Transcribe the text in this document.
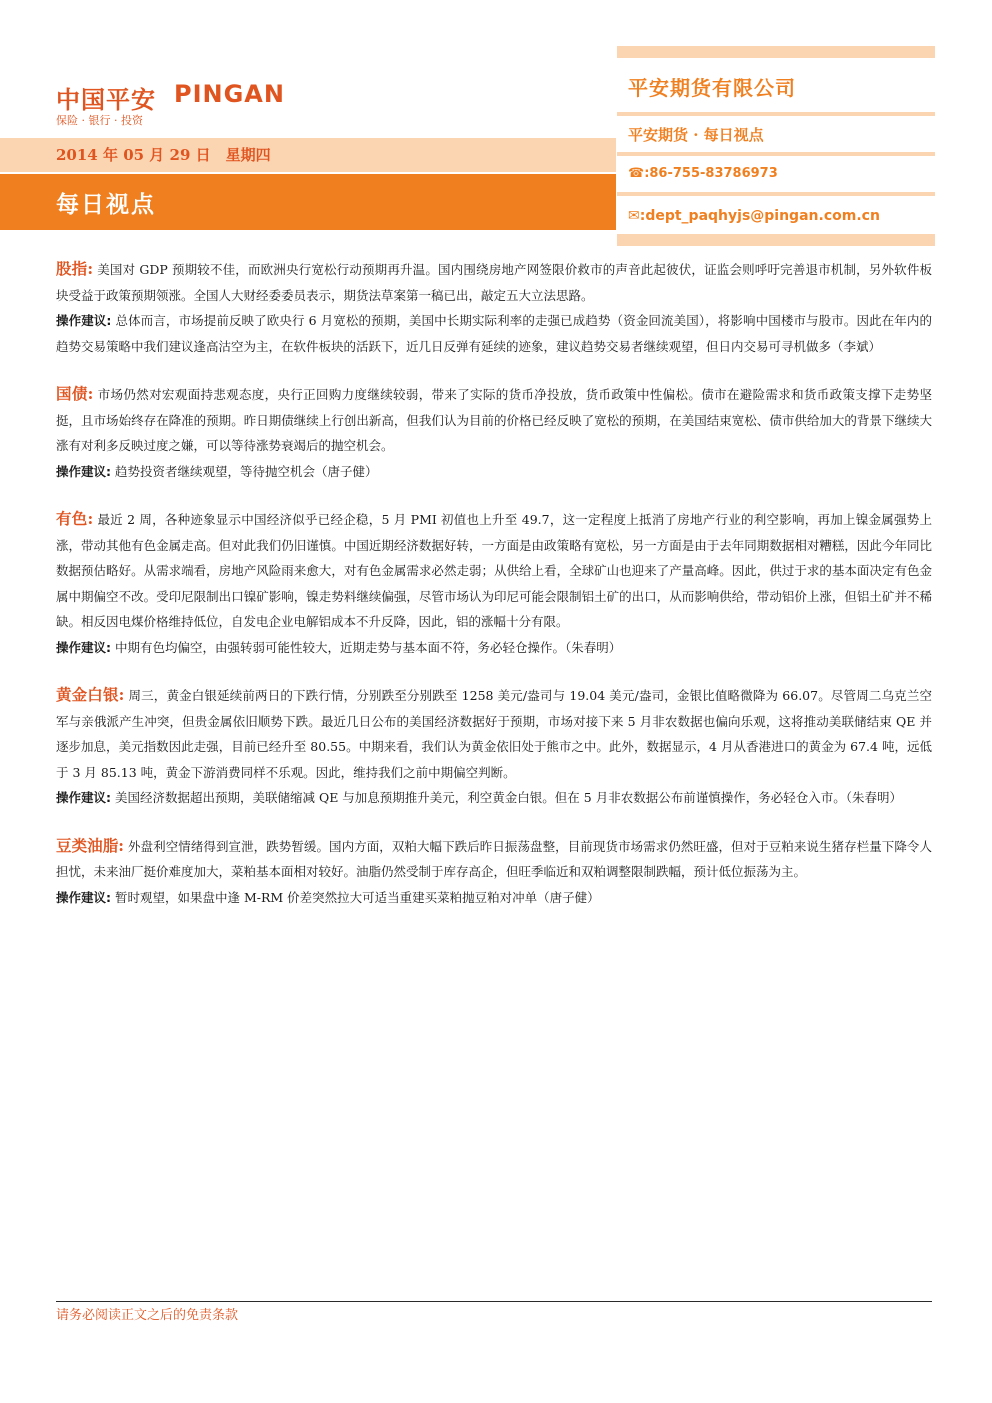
中国平安 PINGAN
保险 · 银行 · 投资
2014 年 05 月 29 日　星期四
每日视点
平安期货有限公司
平安期货 · 每日视点
☎:86-755-83786973
✉:dept_paqhyjs@pingan.com.cn

股指: 美国对 GDP 预期较不佳，而欧洲央行宽松行动预期再升温。国内围绕房地产网签限价救市的声音此起彼伏，证监会则呼吁完善退市机制，另外软件板块受益于政策预期领涨。全国人大财经委委员表示，期货法草案第一稿已出，敲定五大立法思路。

操作建议: 总体而言，市场提前反映了欧央行 6 月宽松的预期，美国中长期实际利率的走强已成趋势（资金回流美国），将影响中国楼市与股市。因此在年内的趋势交易策略中我们建议逢高沽空为主，在软件板块的活跃下，近几日反弹有延续的迹象，建议趋势交易者继续观望，但日内交易可寻机做多（李斌）

国债: 市场仍然对宏观面持悲观态度，央行正回购力度继续较弱，带来了实际的货币净投放，货币政策中性偏松。债市在避险需求和货币政策支撑下走势坚挺，且市场始终存在降准的预期。昨日期债继续上行创出新高，但我们认为目前的价格已经反映了宽松的预期，在美国结束宽松、债市供给加大的背景下继续大涨有对利多反映过度之嫌，可以等待涨势衰竭后的抛空机会。

操作建议: 趋势投资者继续观望，等待抛空机会（唐子健）

有色: 最近 2 周，各种迹象显示中国经济似乎已经企稳，5 月 PMI 初值也上升至 49.7，这一定程度上抵消了房地产行业的利空影响，再加上镍金属强势上涨，带动其他有色金属走高。但对此我们仍旧谨慎。中国近期经济数据好转，一方面是由政策略有宽松，另一方面是由于去年同期数据相对糟糕，因此今年同比数据预估略好。从需求端看，房地产风险雨来愈大，对有色金属需求必然走弱；从供给上看，全球矿山也迎来了产量高峰。因此，供过于求的基本面决定有色金属中期偏空不改。受印尼限制出口镍矿影响，镍走势料继续偏强，尽管市场认为印尼可能会限制铝土矿的出口，从而影响供给，带动铝价上涨，但铝土矿并不稀缺。相反因电煤价格维持低位，自发电企业电解铝成本不升反降，因此，铝的涨幅十分有限。

操作建议: 中期有色均偏空，由强转弱可能性较大，近期走势与基本面不符，务必轻仓操作。（朱春明）

黄金白银: 周三，黄金白银延续前两日的下跌行情，分别跌至分别跌至 1258 美元/盎司与 19.04 美元/盎司，金银比值略微降为 66.07。尽管周二乌克兰空军与亲俄派产生冲突，但贵金属依旧顺势下跌。最近几日公布的美国经济数据好于预期，市场对接下来 5 月非农数据也偏向乐观，这将推动美联储结束 QE 并逐步加息，美元指数因此走强，目前已经升至 80.55。中期来看，我们认为黄金依旧处于熊市之中。此外，数据显示，4 月从香港进口的黄金为 67.4 吨，远低于 3 月 85.13 吨，黄金下游消费同样不乐观。因此，维持我们之前中期偏空判断。

操作建议: 美国经济数据超出预期，美联储缩减 QE 与加息预期推升美元，利空黄金白银。但在 5 月非农数据公布前谨慎操作，务必轻仓入市。（朱春明）

豆类油脂: 外盘利空情绪得到宣泄，跌势暂缓。国内方面，双粕大幅下跌后昨日振荡盘整，目前现货市场需求仍然旺盛，但对于豆粕来说生猪存栏量下降令人担忧，未来油厂挺价难度加大，菜粕基本面相对较好。油脂仍然受制于库存高企，但旺季临近和双粕调整限制跌幅，预计低位振荡为主。

操作建议: 暂时观望，如果盘中逢 M-RM 价差突然拉大可适当重建买菜粕抛豆粕对冲单（唐子健）

请务必阅读正文之后的免责条款
